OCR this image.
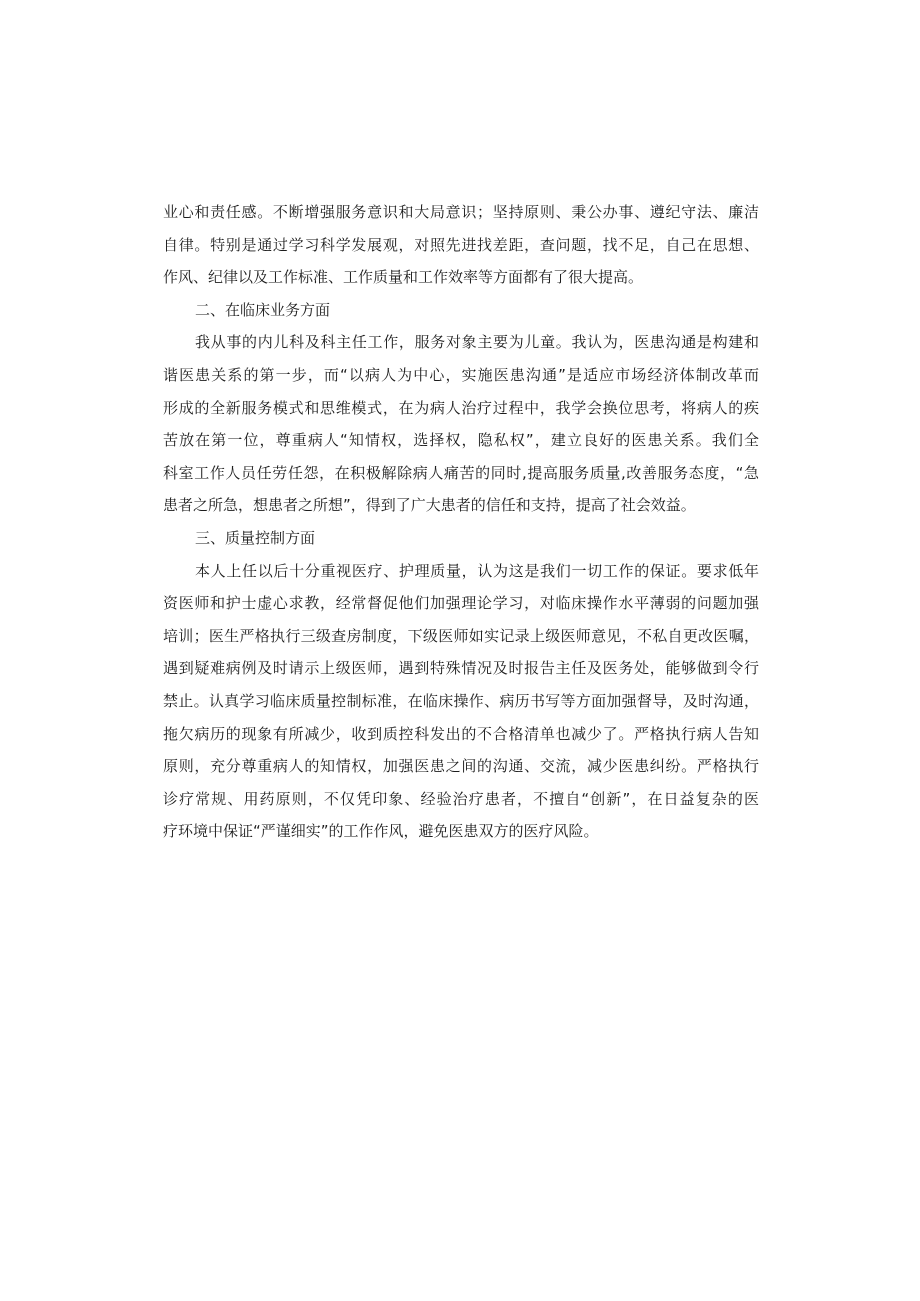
业心和责任感。不断增强服务意识和大局意识；坚持原则、秉公办事、遵纪守法、廉洁
自律。特别是通过学习科学发展观，对照先进找差距，查问题，找不足，自己在思想、
作风、纪律以及工作标准、工作质量和工作效率等方面都有了很大提高。
二、在临床业务方面
我从事的内儿科及科主任工作，服务对象主要为儿童。我认为，医患沟通是构建和
谐医患关系的第一步，而“以病人为中心，实施医患沟通”是适应市场经济体制改革而
形成的全新服务模式和思维模式，在为病人治疗过程中，我学会换位思考，将病人的疾
苦放在第一位，尊重病人“知情权，选择权，隐私权”，建立良好的医患关系。我们全
科室工作人员任劳任怨，在积极解除病人痛苦的同时,提高服务质量,改善服务态度，“急
患者之所急，想患者之所想”，得到了广大患者的信任和支持，提高了社会效益。
三、质量控制方面
本人上任以后十分重视医疗、护理质量，认为这是我们一切工作的保证。要求低年
资医师和护士虚心求教，经常督促他们加强理论学习，对临床操作水平薄弱的问题加强
培训；医生严格执行三级查房制度，下级医师如实记录上级医师意见，不私自更改医嘱，
遇到疑难病例及时请示上级医师，遇到特殊情况及时报告主任及医务处，能够做到令行
禁止。认真学习临床质量控制标准，在临床操作、病历书写等方面加强督导，及时沟通，
拖欠病历的现象有所减少，收到质控科发出的不合格清单也减少了。严格执行病人告知
原则，充分尊重病人的知情权，加强医患之间的沟通、交流，减少医患纠纷。严格执行
诊疗常规、用药原则，不仅凭印象、经验治疗患者，不擅自“创新”，在日益复杂的医
疗环境中保证“严谨细实”的工作作风，避免医患双方的医疗风险。
